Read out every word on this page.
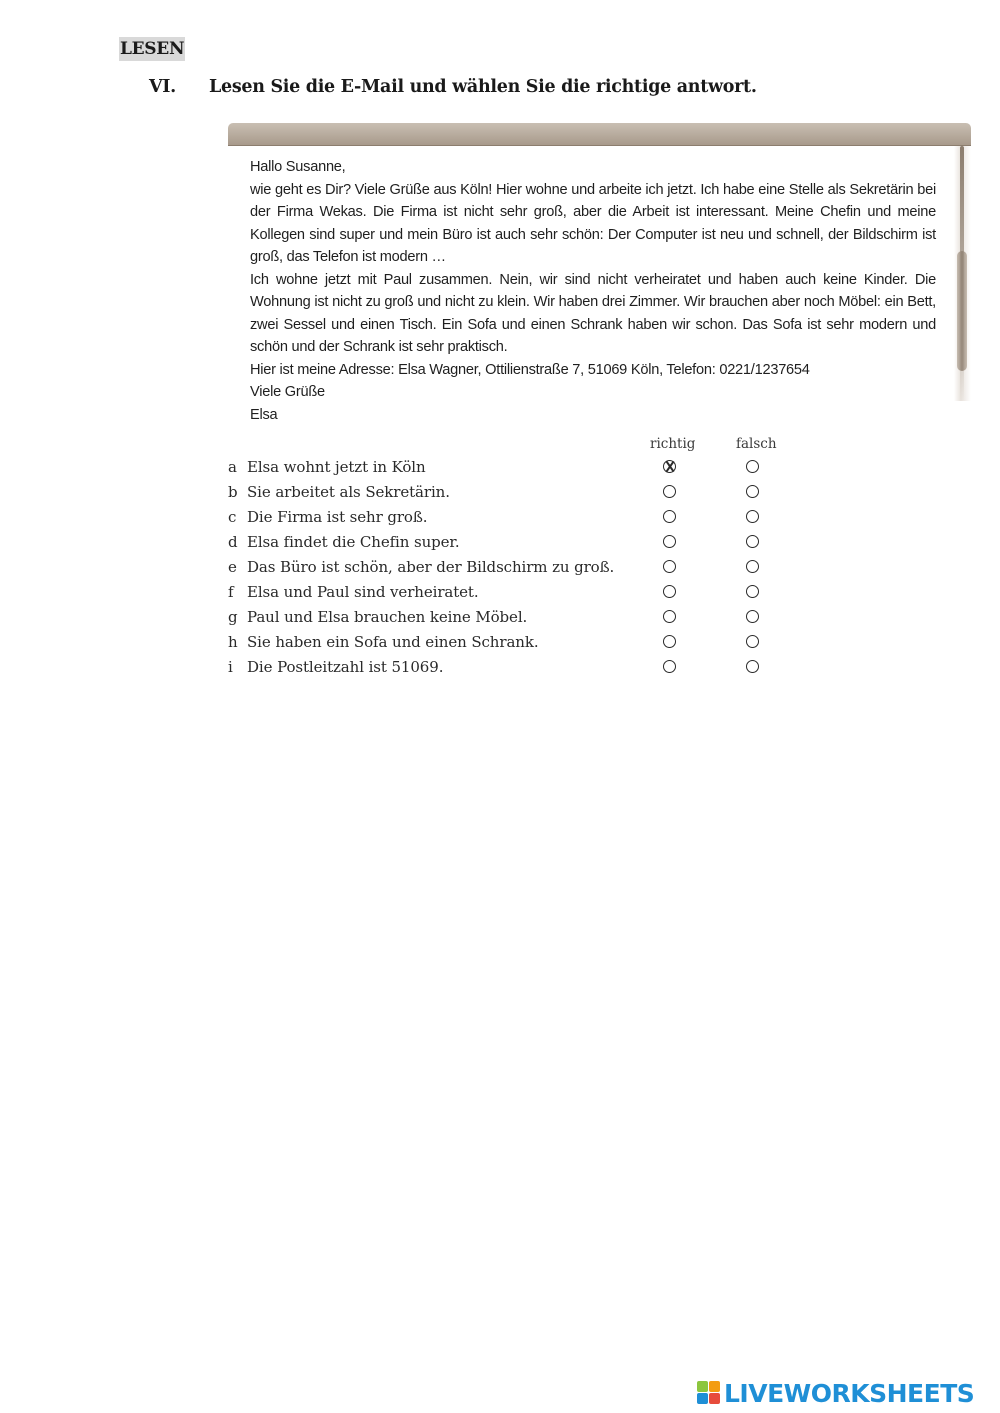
LESEN
VI.	Lesen Sie die E-Mail und wählen Sie die richtige antwort.

Hallo Susanne,

wie geht es Dir? Viele Grüße aus Köln! Hier wohne und arbeite ich jetzt. Ich habe eine Stelle als Sekretärin bei der Firma Wekas. Die Firma ist nicht sehr groß, aber die Arbeit ist interessant. Meine Chefin und meine Kollegen sind super und mein Büro ist auch sehr schön: Der Computer ist neu und schnell, der Bildschirm ist groß, das Telefon ist modern …

Ich wohne jetzt mit Paul zusammen. Nein, wir sind nicht verheiratet und haben auch keine Kinder. Die Wohnung ist nicht zu groß und nicht zu klein. Wir haben drei Zimmer. Wir brauchen aber noch Möbel: ein Bett, zwei Sessel und einen Tisch. Ein Sofa und einen Schrank haben wir schon. Das Sofa ist sehr modern und schön und der Schrank ist sehr praktisch.

Hier ist meine Adresse: Elsa Wagner, Ottilienstraße 7, 51069 Köln, Telefon: 0221/1237654

Viele Grüße

Elsa

richtig	falsch
a Elsa wohnt jetzt in Köln
b Sie arbeitet als Sekretärin.
c Die Firma ist sehr groß.
d Elsa findet die Chefin super.
e Das Büro ist schön, aber der Bildschirm zu groß.
f Elsa und Paul sind verheiratet.
g Paul und Elsa brauchen keine Möbel.
h Sie haben ein Sofa und einen Schrank.
i Die Postleitzahl ist 51069.
LIVEWORKSHEETS
